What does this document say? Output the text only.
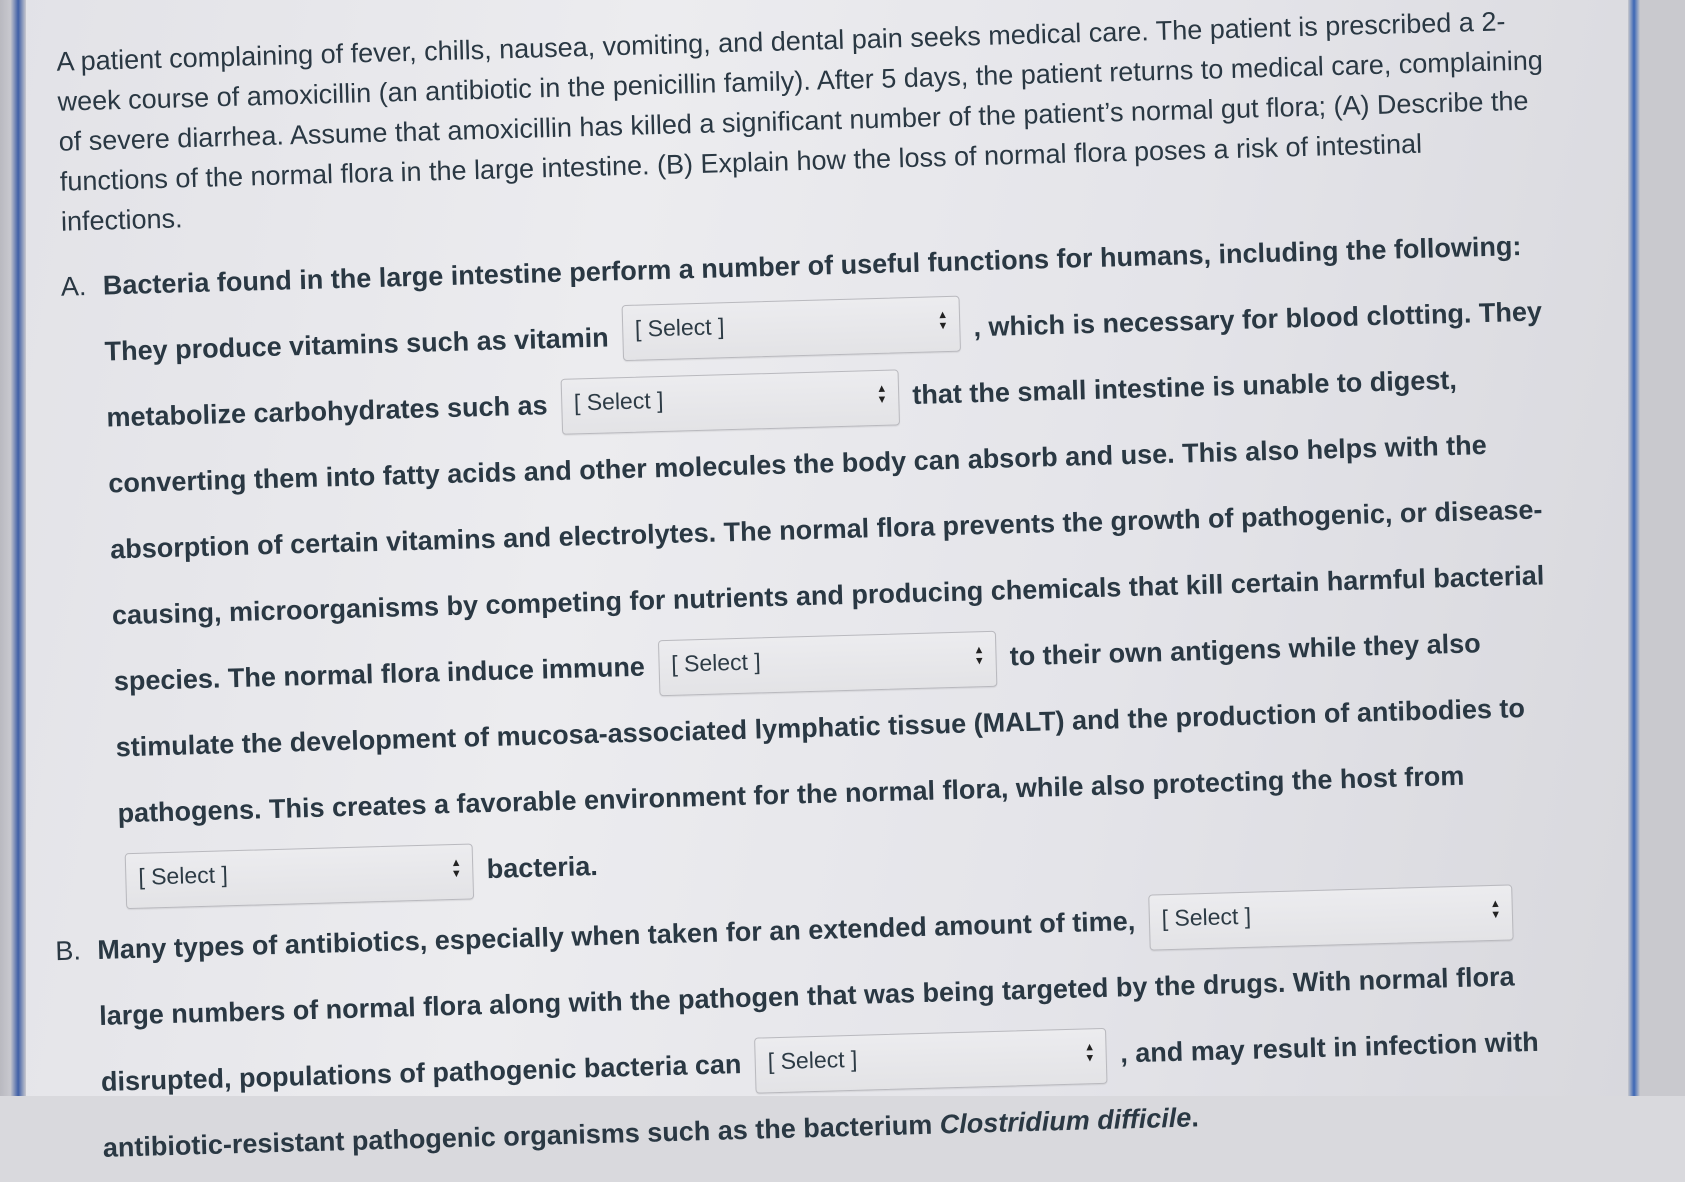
A patient complaining of fever, chills, nausea, vomiting, and dental pain seeks medical care. The patient is prescribed a 2-week course of amoxicillin (an antibiotic in the penicillin family). After 5 days, the patient returns to medical care, complaining of severe diarrhea. Assume that amoxicillin has killed a significant number of the patient’s normal gut flora; (A) Describe the functions of the normal flora in the large intestine. (B) Explain how the loss of normal flora poses a risk of intestinal infections.

A. Bacteria found in the large intestine perform a number of useful functions for humans, including the following: They produce vitamins such as vitamin [ Select ]	▲
▼ , which is necessary for blood clotting. They metabolize carbohydrates such as [ Select ]	▲
▼ that the small intestine is unable to digest, converting them into fatty acids and other molecules the body can absorb and use. This also helps with the absorption of certain vitamins and electrolytes. The normal flora prevents the growth of pathogenic, or disease-causing, microorganisms by competing for nutrients and producing chemicals that kill certain harmful bacterial species. The normal flora induce immune [ Select ]	▲
▼ to their own antigens while they also stimulate the development of mucosa-associated lymphatic tissue (MALT) and the production of antibodies to pathogens. This creates a favorable environment for the normal flora, while also protecting the host from
[ Select ]	▲
▼ bacteria.
B. Many types of antibiotics, especially when taken for an extended amount of time, [ Select ]	▲
▼
large numbers of normal flora along with the pathogen that was being targeted by the drugs. With normal flora disrupted, populations of pathogenic bacteria can [ Select ]	▲
▼ , and may result in infection with antibiotic-resistant pathogenic organisms such as the bacterium Clostridium difficile.
